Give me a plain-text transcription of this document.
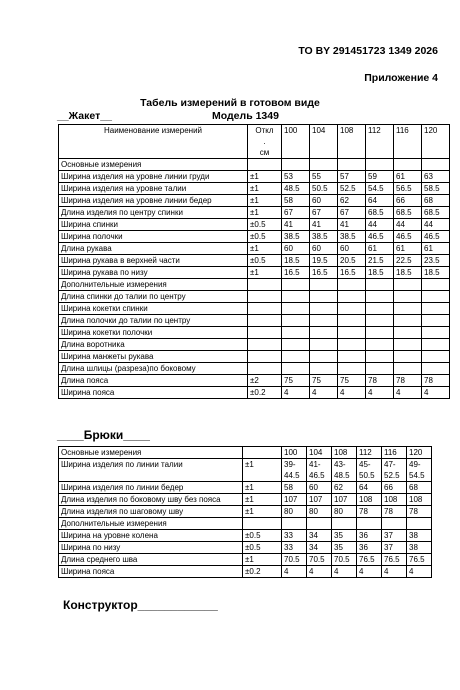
ТО BY 291451723 1349 2026
Приложение 4
Табель измерений в готовом виде
__Жакет__	Модель 1349
Наименование измерений	Откл
.
см	100	104	108	112	116	120
Основные измерения							
Ширина изделия на уровне линии груди	±1	53	55	57	59	61	63
Ширина изделия на уровне талии	±1	48.5	50.5	52.5	54.5	56.5	58.5
Ширина изделия на уровне линии бедер	±1	58	60	62	64	66	68
Длина изделия по центру спинки	±1	67	67	67	68.5	68.5	68.5
Ширина спинки	±0.5	41	41	41	44	44	44
Ширина полочки	±0.5	38.5	38.5	38.5	46.5	46.5	46.5
Длина рукава	±1	60	60	60	61	61	61
Ширина рукава в верхней части	±0.5	18.5	19.5	20.5	21.5	22.5	23.5
Ширина рукава по низу	±1	16.5	16.5	16.5	18.5	18.5	18.5
Дополнительные измерения							
Длина спинки до талии по центру							
Ширина кокетки спинки							
Длина полочки до талии по центру							
Ширина кокетки полочки							
Длина воротника							
Ширина манжеты рукава							
Длина шлицы (разреза)по боковому							
Длина пояса	±2	75	75	75	78	78	78
Ширина пояса	±0.2	4	4	4	4	4	4
____Брюки____
Основные измерения		100	104	108	112	116	120
Ширина изделия по линии талии	±1	39-44.5	41-46.5	43-48.5	45-50.5	47-52.5	49-54.5
Ширина изделия по линии бедер	±1	58	60	62	64	66	68
Длина изделия по боковому шву без пояса	±1	107	107	107	108	108	108
Длина изделия по шаговому шву	±1	80	80	80	78	78	78
Дополнительные измерения							
Ширина на уровне колена	±0.5	33	34	35	36	37	38
Ширина по низу	±0.5	33	34	35	36	37	38
Длина среднего шва	±1	70.5	70.5	70.5	76.5	76.5	76.5
Ширина пояса	±0.2	4	4	4	4	4	4
Конструктор____________
